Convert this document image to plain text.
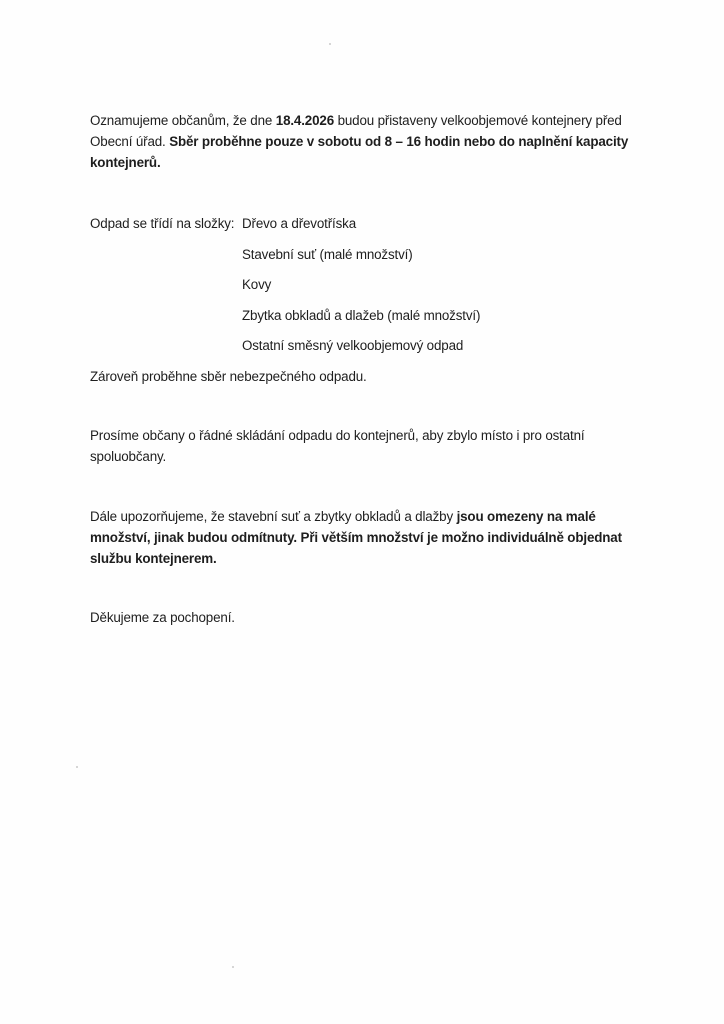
Oznamujeme občanům, že dne 18.4.2026 budou přistaveny velkoobjemové kontejnery před
Obecní úřad. Sběr proběhne pouze v sobotu od 8 – 16 hodin nebo do naplnění kapacity
kontejnerů.
Odpad se třídí na složky: Dřevo a dřevotříska
Stavební suť (malé množství)
Kovy
Zbytka obkladů a dlažeb (malé množství)
Ostatní směsný velkoobjemový odpad
Zároveň proběhne sběr nebezpečného odpadu.
Prosíme občany o řádné skládání odpadu do kontejnerů, aby zbylo místo i pro ostatní
spoluobčany.
Dále upozorňujeme, že stavební suť a zbytky obkladů a dlažby jsou omezeny na malé
množství, jinak budou odmítnuty. Při větším množství je možno individuálně objednat
službu kontejnerem.
Děkujeme za pochopení.
